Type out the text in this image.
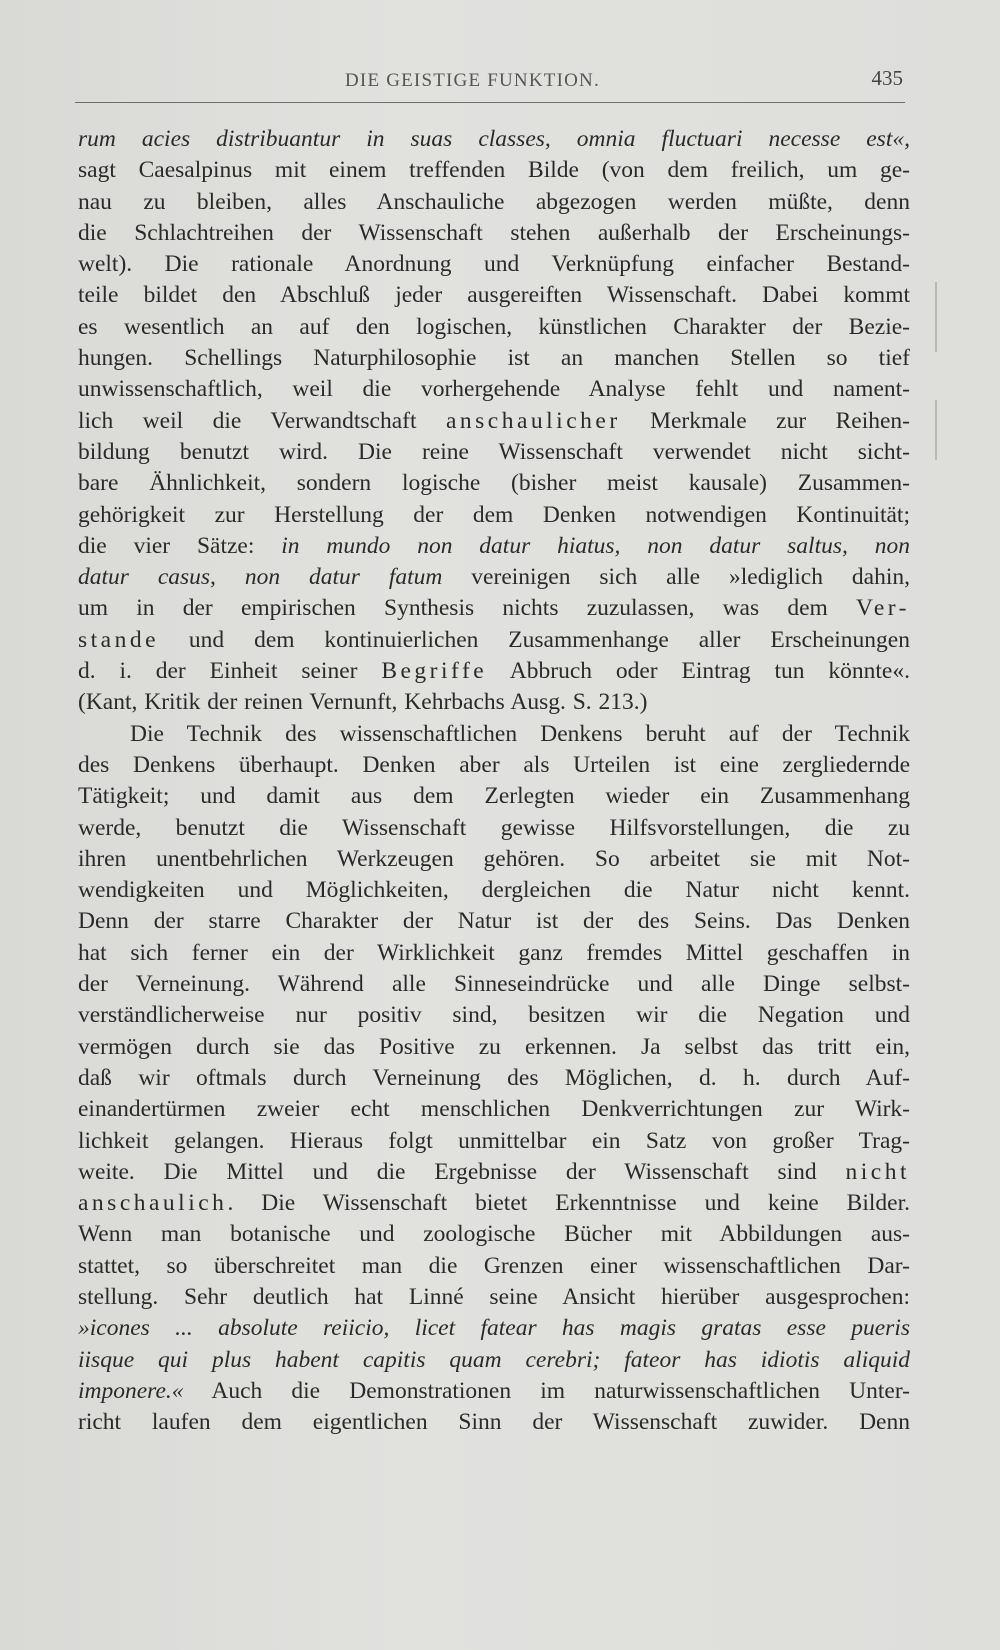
DIE GEISTIGE FUNKTION.	435
rum acies distribuantur in suas classes, omnia fluctuari necesse est«,
sagt Caesalpinus mit einem treffenden Bilde (von dem freilich, um ge-
nau zu bleiben, alles Anschauliche abgezogen werden müßte, denn
die Schlachtreihen der Wissenschaft stehen außerhalb der Erscheinungs-
welt). Die rationale Anordnung und Verknüpfung einfacher Bestand-
teile bildet den Abschluß jeder ausgereiften Wissenschaft. Dabei kommt
es wesentlich an auf den logischen, künstlichen Charakter der Bezie-
hungen. Schellings Naturphilosophie ist an manchen Stellen so tief
unwissenschaftlich, weil die vorhergehende Analyse fehlt und nament-
lich weil die Verwandtschaft anschaulicher Merkmale zur Reihen-
bildung benutzt wird. Die reine Wissenschaft verwendet nicht sicht-
bare Ähnlichkeit, sondern logische (bisher meist kausale) Zusammen-
gehörigkeit zur Herstellung der dem Denken notwendigen Kontinuität;
die vier Sätze: in mundo non datur hiatus, non datur saltus, non
datur casus, non datur fatum vereinigen sich alle »lediglich dahin,
um in der empirischen Synthesis nichts zuzulassen, was dem Ver-
stande und dem kontinuierlichen Zusammenhange aller Erscheinungen
d. i. der Einheit seiner Begriffe Abbruch oder Eintrag tun könnte«.
(Kant, Kritik der reinen Vernunft, Kehrbachs Ausg. S. 213.)
Die Technik des wissenschaftlichen Denkens beruht auf der Technik
des Denkens überhaupt. Denken aber als Urteilen ist eine zergliedernde
Tätigkeit; und damit aus dem Zerlegten wieder ein Zusammenhang
werde, benutzt die Wissenschaft gewisse Hilfsvorstellungen, die zu
ihren unentbehrlichen Werkzeugen gehören. So arbeitet sie mit Not-
wendigkeiten und Möglichkeiten, dergleichen die Natur nicht kennt.
Denn der starre Charakter der Natur ist der des Seins. Das Denken
hat sich ferner ein der Wirklichkeit ganz fremdes Mittel geschaffen in
der Verneinung. Während alle Sinneseindrücke und alle Dinge selbst-
verständlicherweise nur positiv sind, besitzen wir die Negation und
vermögen durch sie das Positive zu erkennen. Ja selbst das tritt ein,
daß wir oftmals durch Verneinung des Möglichen, d. h. durch Auf-
einandertürmen zweier echt menschlichen Denkverrichtungen zur Wirk-
lichkeit gelangen. Hieraus folgt unmittelbar ein Satz von großer Trag-
weite. Die Mittel und die Ergebnisse der Wissenschaft sind nicht
anschaulich. Die Wissenschaft bietet Erkenntnisse und keine Bilder.
Wenn man botanische und zoologische Bücher mit Abbildungen aus-
stattet, so überschreitet man die Grenzen einer wissenschaftlichen Dar-
stellung. Sehr deutlich hat Linné seine Ansicht hierüber ausgesprochen:
»icones ... absolute reiicio, licet fatear has magis gratas esse pueris
iisque qui plus habent capitis quam cerebri; fateor has idiotis aliquid
imponere.« Auch die Demonstrationen im naturwissenschaftlichen Unter-
richt laufen dem eigentlichen Sinn der Wissenschaft zuwider. Denn
